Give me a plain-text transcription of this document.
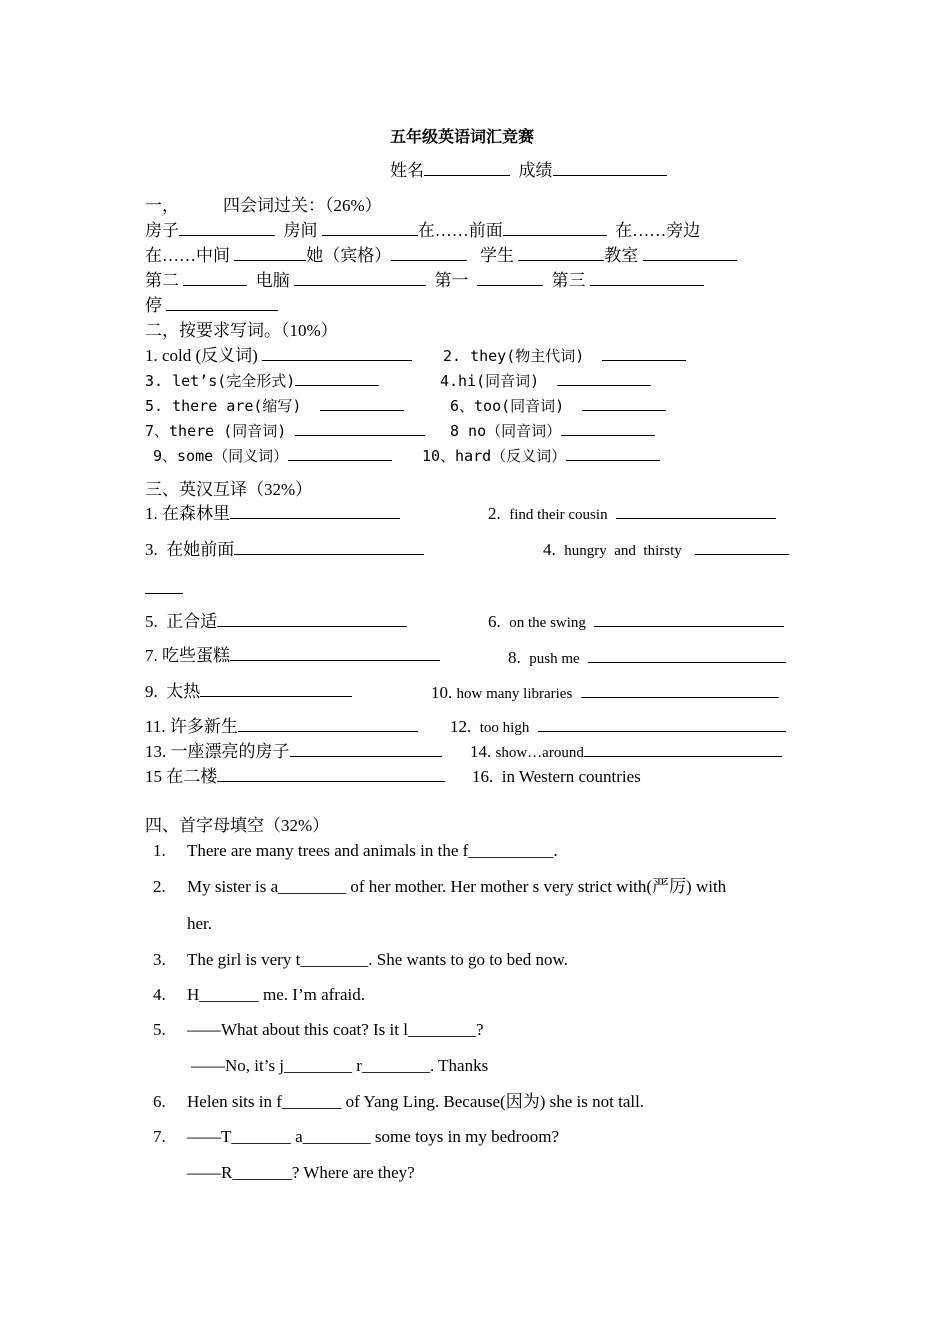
五年级英语词汇竞赛
姓名	成绩
一，	四会词过关：（26%）
房子	房间	在……前面	在……旁边
在……中间	她（宾格）	学生	教室
第二	电脑	第一	第三
停
二，按要求写词。（10%）
1. cold (反义词)	2. they(物主代词)
3. let’s(完全形式)	4.hi(同音词)
5. there are(缩写)	6、too(同音词)
7、there (同音词)	8 no（同音词）
9、some（同义词）	10、hard（反义词）
三、英汉互译（32%）
1. 在森林里	2. find their cousin
3.  在她前面	4. hungry  and  thirsty
5.  正合适	6. on the swing
7. 吃些蛋糕	8. push me
9.  太热	10. how many libraries
11. 许多新生	12. too high
13. 一座漂亮的房子	14. show…around
15 在二楼	16. in Western countries
四、首字母填空（32%）
1. There are many trees and animals in the f__________.
2. My sister is a________ of her mother. Her mother s very strict with(严厉) with
her.
3. The girl is very t________. She wants to go to bed now.
4. H_______ me. I’m afraid.
5. ——What about this coat? Is it l________?
——No, it’s j________ r________. Thanks
6. Helen sits in f_______ of Yang Ling. Because(因为) she is not tall.
7. ——T_______ a________ some toys in my bedroom?
——R_______? Where are they?
